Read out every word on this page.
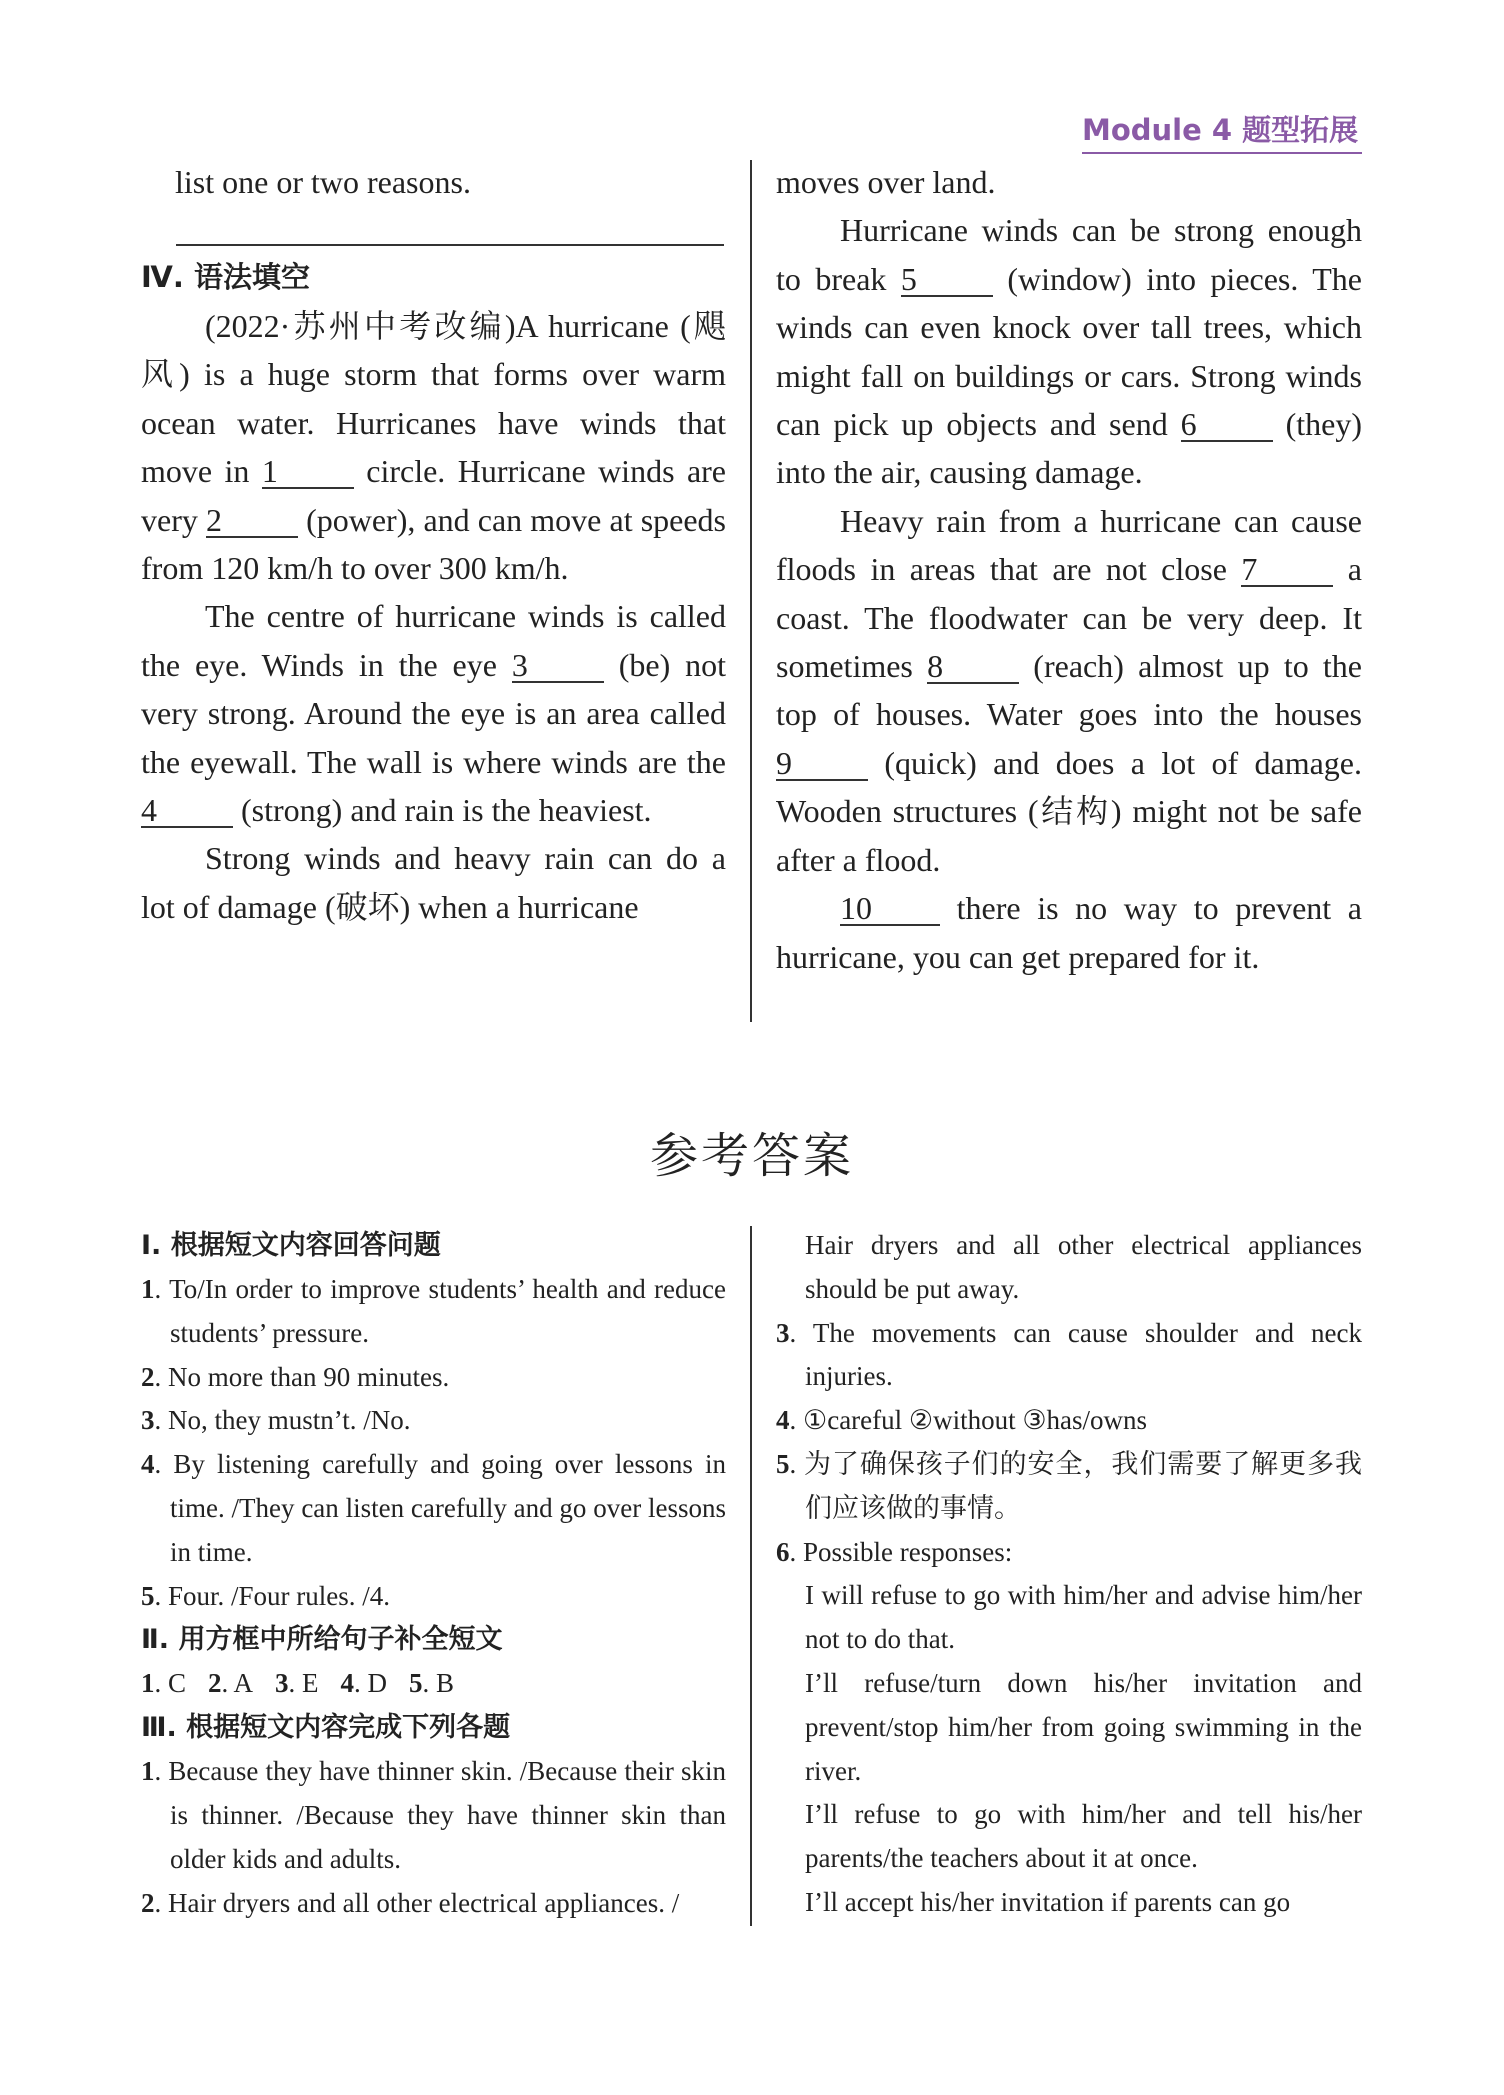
Module 4 题型拓展

list one or two reasons.

Ⅳ. 语法填空

(2022·苏州中考改编)A hurricane (飓风) is a huge storm that forms over warm ocean water. Hurricanes have winds that move in 1 circle. Hurricane winds are very 2 (power), and can move at speeds from 120 km/h to over 300 km/h.

The centre of hurricane winds is called the eye. Winds in the eye 3 (be) not very strong. Around the eye is an area called the eyewall. The wall is where winds are the 4 (strong) and rain is the heaviest.

Strong winds and heavy rain can do a lot of damage (破坏) when a hurricane

moves over land.

Hurricane winds can be strong enough to break 5 (window) into pieces. The winds can even knock over tall trees, which might fall on buildings or cars. Strong winds can pick up objects and send 6 (they) into the air, causing damage.

Heavy rain from a hurricane can cause floods in areas that are not close 7 a coast. The floodwater can be very deep. It sometimes 8 (reach) almost up to the top of houses. Water goes into the houses 9 (quick) and does a lot of damage. Wooden structures (结构) might not be safe after a flood.

10 there is no way to prevent a hurricane, you can get prepared for it.

参考答案

Ⅰ. 根据短文内容回答问题

1. To/In order to improve students’ health and reduce students’ pressure.

2. No more than 90 minutes.

3. No, they mustn’t. /No.

4. By listening carefully and going over lessons in time. /They can listen carefully and go over lessons in time.

5. Four. /Four rules. /4.

Ⅱ. 用方框中所给句子补全短文

1. C 2. A 3. E 4. D 5. B

Ⅲ. 根据短文内容完成下列各题

1. Because they have thinner skin. /Because their skin is thinner. /Because they have thinner skin than older kids and adults.

2. Hair dryers and all other electrical appliances. /

Hair dryers and all other electrical appliances should be put away.

3. The movements can cause shoulder and neck injuries.

4. ①careful ②without ③has/owns

5. 为了确保孩子们的安全，我们需要了解更多我们应该做的事情。

6. Possible responses:

I will refuse to go with him/her and advise him/her not to do that.

I’ll refuse/turn down his/her invitation and prevent/stop him/her from going swimming in the river.

I’ll refuse to go with him/her and tell his/her parents/the teachers about it at once.

I’ll accept his/her invitation if parents can go
